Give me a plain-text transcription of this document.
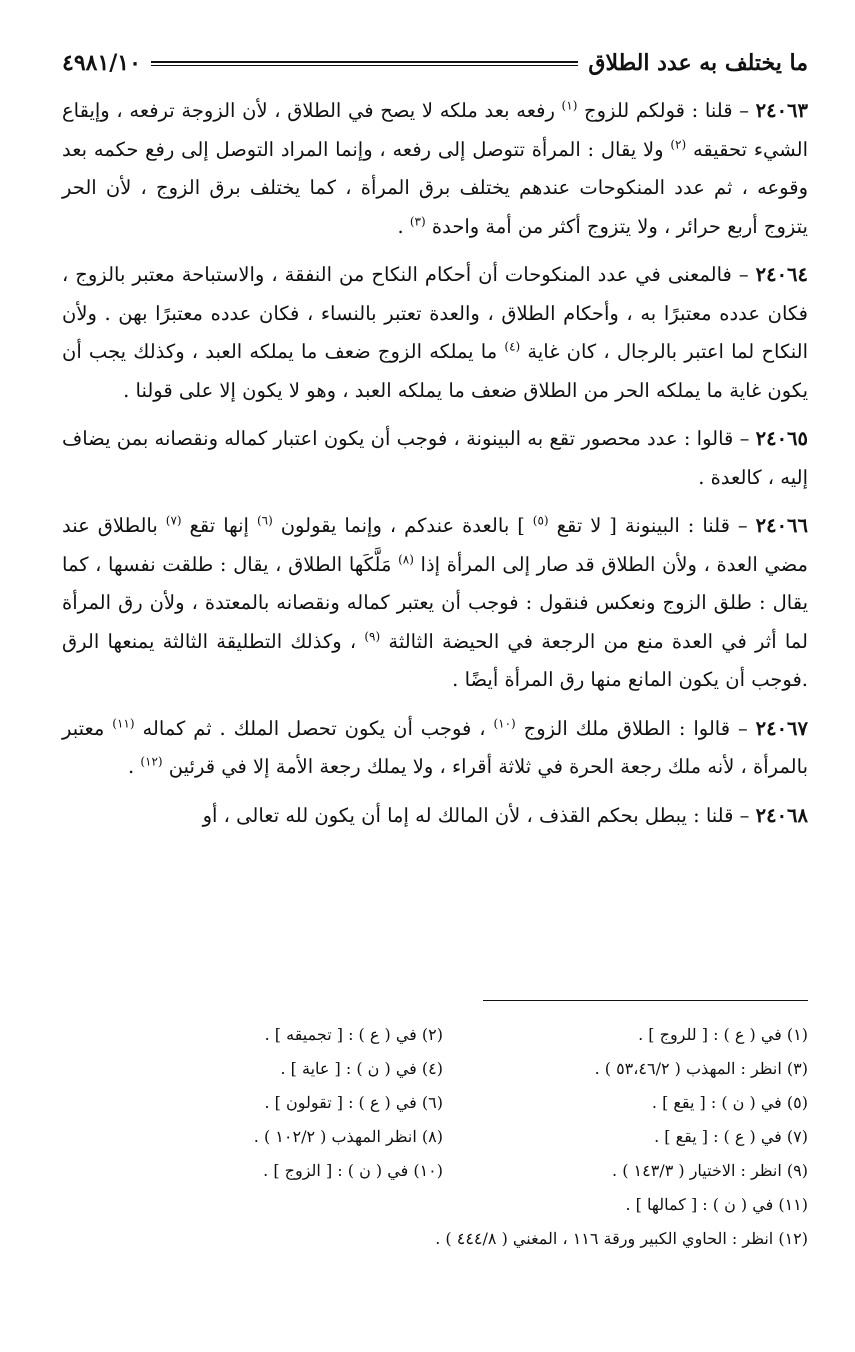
ما يختلف به عدد الطلاق
٤٩٨١/١٠

٢٤٠٦٣ – قلنا : قولكم للزوج $^{(١)}$ رفعه بعد ملكه لا يصح في الطلاق ، لأن الزوجة ترفعه ، وإيقاع الشيء تحقيقه $^{(٢)}$ ولا يقال : المرأة تتوصل إلى رفعه ، وإنما المراد التوصل إلى رفع حكمه بعد وقوعه ، ثم عدد المنكوحات عندهم يختلف برق المرأة ، كما يختلف برق الزوج ، لأن الحر يتزوج أربع حرائر ، ولا يتزوج أكثر من أمة واحدة $^{(٣)}$ .

٢٤٠٦٤ – فالمعنى في عدد المنكوحات أن أحكام النكاح من النفقة ، والاستباحة معتبر بالزوج ، فكان عدده معتبرًا به ، وأحكام الطلاق ، والعدة تعتبر بالنساء ، فكان عدده معتبرًا بهن . ولأن النكاح لما اعتبر بالرجال ، كان غاية $^{(٤)}$ ما يملكه الزوج ضعف ما يملكه العبد ، وكذلك يجب أن يكون غاية ما يملكه الحر من الطلاق ضعف ما يملكه العبد ، وهو لا يكون إلا على قولنا .

٢٤٠٦٥ – قالوا : عدد محصور تقع به البينونة ، فوجب أن يكون اعتبار كماله ونقصانه بمن يضاف إليه ، كالعدة .

٢٤٠٦٦ – قلنا : البينونة [ لا تقع $^{(٥)}$ ] بالعدة عندكم ، وإنما يقولون $^{(٦)}$ إنها تقع $^{(٧)}$ بالطلاق عند مضي العدة ، ولأن الطلاق قد صار إلى المرأة إذا $^{(٨)}$ مَلَّكَها الطلاق ، يقال : طلقت نفسها ، كما يقال : طلق الزوج ونعكس فنقول : فوجب أن يعتبر كماله ونقصانه بالمعتدة ، ولأن رق المرأة لما أثر في العدة منع من الرجعة في الحيضة الثالثة $^{(٩)}$ ، وكذلك التطليقة الثالثة يمنعها الرق .فوجب أن يكون المانع منها رق المرأة أيضًا .

٢٤٠٦٧ – قالوا : الطلاق ملك الزوج $^{(١٠)}$ ، فوجب أن يكون تحصل الملك . ثم كماله $^{(١١)}$ معتبر بالمرأة ، لأنه ملك رجعة الحرة في ثلاثة أقراء ، ولا يملك رجعة الأمة إلا في قرئين $^{(١٢)}$ .

٢٤٠٦٨ – قلنا : يبطل بحكم القذف ، لأن المالك له إما أن يكون لله تعالى ، أو

(١) في ( ع ) : [ للروج ] .
(٢) في ( ع ) : [ تجميقه ] .
(٣) انظر : المهذب ( ٥٣،٤٦/٢ ) .
(٤) في ( ن ) : [ عاية ] .
(٥) في ( ن ) : [ يقع ] .
(٦) في ( ع ) : [ تقولون ] .
(٧) في ( ع ) : [ يقع ] .
(٨) انظر المهذب ( ١٠٢/٢ ) .
(٩) انظر : الاختيار ( ١٤٣/٣ ) .
(١٠) في ( ن ) : [ الزوج ] .
(١١) في ( ن ) : [ كمالها ] .
(١٢) انظر : الحاوي الكبير ورقة ١١٦ ، المغني ( ٤٤٤/٨ ) .
